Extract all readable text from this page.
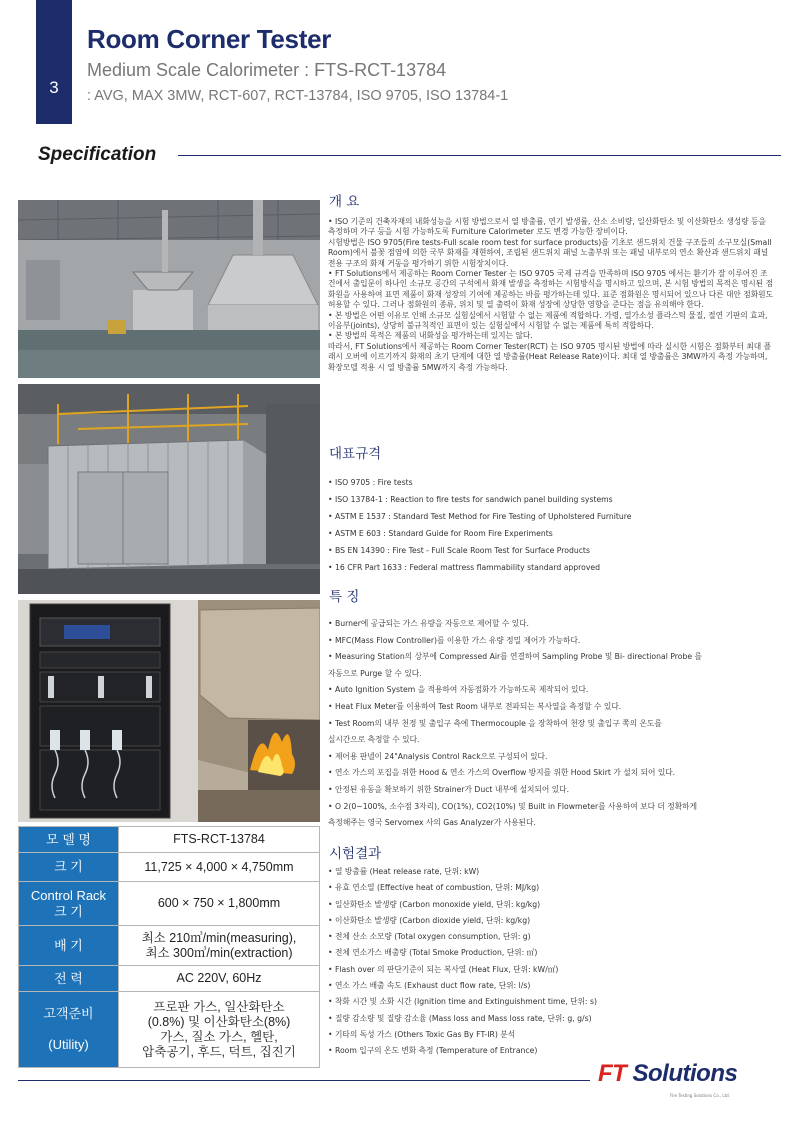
3
Room Corner Tester
Medium Scale Calorimeter : FTS-RCT-13784
: AVG, MAX 3MW, RCT-607, RCT-13784, ISO 9705, ISO 13784-1
Specification
모 델 명	FTS-RCT-13784
크 기	11,725 × 4,000 × 4,750mm
Control Rack
크 기	600 × 750 × 1,800mm
배 기	최소 210㎥/min(measuring),
최소 300㎥/min(extraction)
전 력	AC 220V, 60Hz
고객준비

(Utility)	프로판 가스, 일산화탄소
(0.8%) 및 이산화탄소(8%)
가스, 질소 가스, 헬탄,
압축공기, 후드, 덕트, 집진기
개 요

• ISO 기준의 건축자재의 내화성능을 시험 방법으로서 열 방출률, 연기 발생률, 산소 소비량, 일산화탄소 및 이산화탄소 생성량 등을 측정하며 가구 등을 시험 가능하도록 Furniture Calorimeter 로도 변경 가능한 장비이다.

시험방법은 ISO 9705(Fire tests-Full scale room test for surface products)를 기초로 샌드위치 건물 구조들의 소구모실(Small Room)에서 불꽃 점염에 의한 국부 화재를 재현하여, 조립된 샌드위치 패널 노출부위 또는 패널 내부로의 연소 확산과 샌드위치 패널 전용 구조의 화재 거동을 평가하기 위한 시험장치이다.

• FT Solutions에서 제공하는 Room Corner Tester 는 ISO 9705 국제 규격을 만족하며 ISO 9705 에서는 환기가 잘 이루어진 조건에서 출입문이 하나인 소규모 공간의 구석에서 화재 발생을 측정하는 시험방식을 명시하고 있으며, 본 시험 방법의 목적은 명시된 점화원을 사용하여 표면 제품이 화재 성장의 기여에 제공하는 바를 평가하는데 있다. 표준 점화원은 명시되어 있으나 다른 대안 점화원도 허용할 수 있다. 그러나 점화원의 종류, 위치 및 열 출력이 화재 성장에 상당한 영향을 준다는 점을 유의해야 한다.

• 본 방법은 어떤 이유로 인해 소규모 실험실에서 시험할 수 없는 제품에 적합하다. 가령, 열가소성 플라스틱 물질, 절연 기판의 효과, 이음부(joints), 상당히 불규칙적인 표면이 있는 실험실에서 시험할 수 없는 제품에 특히 적합하다.

• 본 방법의 목적은 제품의 내화성을 평가하는데 있지는 않다.

따라서, FT Solutions에서 제공하는 Room Corner Tester(RCT) 는 ISO 9705 명시된 방법에 따라 실시한 시험은 점화부터 최대 플래시 오버에 이르기까지 화재의 초기 단계에 대한 열 방출률(Heat Release Rate)이다. 최대 열 방출률은 3MW까지 측정 가능하며, 확장모델 적용 시 열 방출률 5MW까지 측정 가능하다.

대표규격
• ISO 9705 : Fire tests
• ISO 13784-1 : Reaction to fire tests for sandwich panel building systems
• ASTM E 1537 : Standard Test Method for Fire Testing of Upholstered Furniture
• ASTM E 603 : Standard Guide for Room Fire Experiments
• BS EN 14390 : Fire Test - Full Scale Room Test for Surface Products
• 16 CFR Part 1633 : Federal mattress flammability standard approved
특 징
• Burner에 공급되는 가스 유량을 자동으로 제어할 수 있다.
• MFC(Mass Flow Controller)를 이용한 가스 유량 정밀 제어가 가능하다.
• Measuring Station의 상부에 Compressed Air를 연결하여 Sampling Probe 및 Bi- directional Probe 를
자동으로 Purge 할 수 있다.
• Auto Ignition System 을 적용하여 자동점화가 가능하도록 제작되어 있다.
• Heat Flux Meter를 이용하여 Test Room 내부로 전파되는 복사열을 측정할 수 있다.
• Test Room의 내부 천정 및 출입구 측에 Thermocouple 을 장착하여 천장 및 출입구 쪽의 온도를
실시간으로 측정할 수 있다.
• 제어용 판넬이 24"Analysis Control Rack으로 구성되어 있다.
• 연소 가스의 포집을 위한 Hood & 연소 가스의 Overflow 방지를 위한 Hood Skirt 가 설치 되어 있다.
• 안정된 유동을 확보하기 위한 Strainer가 Duct 내부에 설치되어 있다.
• O 2(0~100%, 소수점 3자리), CO(1%), CO2(10%) 및 Built in Flowmeter를 사용하여 보다 더 정확하게
측정해주는 영국 Servomex 사의 Gas Analyzer가 사용된다.
시험결과
• 열 방출률 (Heat release rate, 단위: kW)
• 유효 연소열 (Effective heat of combustion, 단위: MJ/kg)
• 일산화탄소 발생량 (Carbon monoxide yield, 단위: kg/kg)
• 이산화탄소 발생량 (Carbon dioxide yield, 단위: kg/kg)
• 전체 산소 소모량 (Total oxygen consumption, 단위: g)
• 전체 연소가스 배출량 (Total Smoke Production, 단위: ㎥)
• Flash over 의 판단기준이 되는 복사열 (Heat Flux, 단위: kW/㎡)
• 연소 가스 배출 속도 (Exhaust duct flow rate, 단위: l/s)
• 착화 시간 및 소화 시간 (Ignition time and Extinguishment time, 단위: s)
• 질량 감소량 및 질량 감소율 (Mass loss and Mass loss rate, 단위: g, g/s)
• 기타의 독성 가스 (Others Toxic Gas By FT-IR) 분석
• Room 입구의 온도 변화 측정 (Temperature of Entrance)
FT Solutions
Fire Testing Solutions Co., Ltd.
